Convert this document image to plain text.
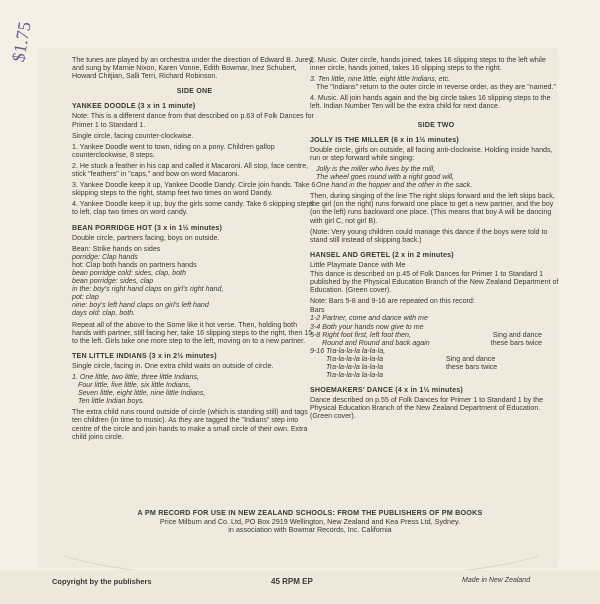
$1.75	The tunes are played by an orchestra under the direction of Edward B. Jurey, and sung by Marnie Nixon, Karen Vonne, Edith Bowmar, Inez Schubert, Howard Chitjian, Salli Terri, Richard Robinson.

SIDE ONE

YANKEE DOODLE (3 x in 1 minute)

Note: This is a different dance from that described on p.63 of Folk Dances for Primer 1 to Standard 1.

Single circle, facing counter-clockwise.

1. Yankee Doodle went to town, riding on a pony. Children gallop counterclockwise, 8 steps.

2. He stuck a feather in his cap and called it Macaroni. All stop, face centre, stick "feathers" in "caps," and bow on word Macaroni.

3. Yankee Doodle keep it up, Yankee Doodle Dandy. Circle join hands. Take 6 skipping steps to the right, stamp feet two times on word Dandy.

4. Yankee Doodle keep it up, buy the girls some candy. Take 6 skipping steps to left, clap two times on word candy.

BEAN PORRIDGE HOT (3 x in 1½ minutes)

Double circle, partners facing, boys on outside.

Bean: Strike hands on sides
porridge: Clap hands
hot: Clap both hands on partners hands
bean porridge cold: sides, clap, both
bean porridge: sides, clap
in the: boy's right hand claps on girl's right hand,
pot: clap
nine: boy's left hand claps on girl's left hand
days old: clap, both.

Repeat all of the above to the Some like it hot verse. Then, holding both hands with partner, still facing her, take 16 slipping steps to the right, then 15 to the left. Girls take one more step to the left, moving on to a new partner.

TEN LITTLE INDIANS (3 x in 2½ minutes)

Single circle, facing in. One extra child waits on outside of circle.

1. One little, two little, three little Indians,
Four little, five little, six little Indians,
Seven little, eight little, nine little Indians,
Ten little Indian boys.

The extra child runs round outside of circle (which is standing still) and tags ten children (in time to music). As they are tagged the "Indians" step into centre of the circle and join hands to make a small circle of their own. Extra child joins circle.

2. Music. Outer circle, hands joined, takes 16 slipping steps to the left while inner circle, hands joined, takes 16 slipping steps to the right.

3. Ten little, nine little, eight little Indians, etc.

The "Indians" return to the outer circle in reverse order, as they are "named."

4. Music. All join hands again and the big circle takes 16 slipping steps to the left. Indian Number Ten will be the extra child for next dance.

SIDE TWO

JOLLY IS THE MILLER (6 x in 1½ minutes)

Double circle, girls on outside, all facing anti-clockwise. Holding inside hands, run or step forward while singing:

Jolly is the miller who lives by the mill,
The wheel goes round with a right good will,
One hand in the hopper and the other in the sack.

Then, during singing of the line The right skips forward and the left skips back, the girl (on the right) runs forward one place to get a new partner, and the boy (on the left) runs backward one place. (This means that boy A will be dancing with girl C, not girl B).

(Note: Very young children could manage this dance if the boys were told to stand still instead of skipping back.)

HANSEL AND GRETEL (2 x in 2 minutes)

Little Playmate Dance with Me

This dance is described on p.45 of Folk Dances for Primer 1 to Standard 1 published by the Physical Education Branch of the New Zealand Department of Education. (Green cover).

Note: Bars 5-8 and 9-16 are repeated on this record:

Bars
1-2 Partner, come and dance with me
3-4 Both your hands now give to me
5-8 Right foot first, left foot then,	Sing and dance
Round and Round and back again	these bars twice
9-16 Tra-la-la-la la-la-la,
Tra-la-la-la la-la-la	Sing and dance
Tra-la-la-la la-la-la	these bars twice
Tra-la-la-la la-la-la

SHOEMAKERS' DANCE (4 x in 1½ minutes)

Dance described on p.55 of Folk Dances for Primer 1 to Standard 1 by the Physical Education Branch of the New Zealand Department of Education. (Green cover).

A PM RECORD FOR USE IN NEW ZEALAND SCHOOLS: FROM THE PUBLISHERS OF PM BOOKS
Price Milburn and Co. Ltd, PO Box 2919 Wellington, New Zealand and Kea Press Ltd, Sydney.
in association with Bowmar Records, Inc. California
Copyright by the publishers	45 RPM EP	Made in New Zealand
